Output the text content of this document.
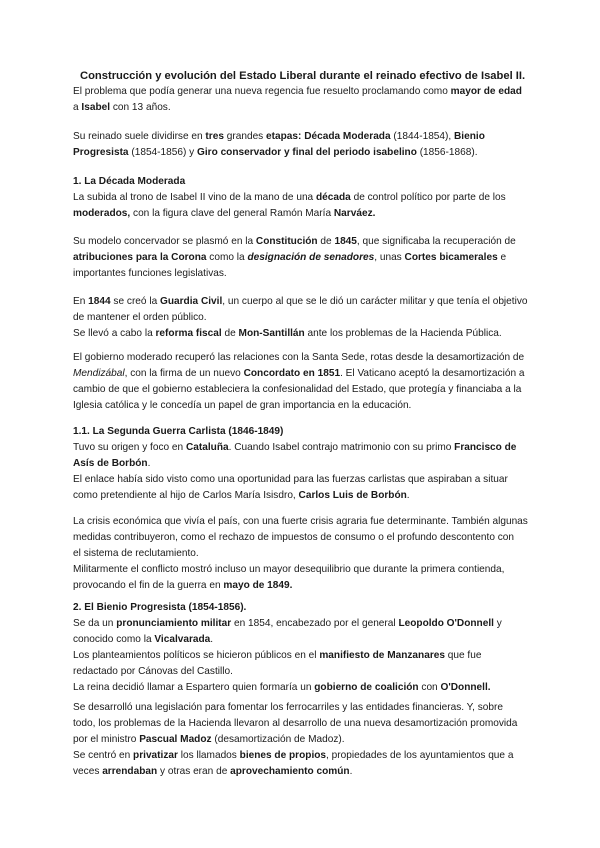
Construcción y evolución del Estado Liberal durante el reinado efectivo de Isabel II.
El problema que podía generar una nueva regencia fue resuelto proclamando como mayor de edad
a Isabel con 13 años.
Su reinado suele dividirse en tres grandes etapas: Década Moderada (1844-1854), Bienio
Progresista (1854-1856) y Giro conservador y final del periodo isabelino (1856-1868).
1. La Década Moderada
La subida al trono de Isabel II vino de la mano de una década de control político por parte de los
moderados, con la figura clave del general Ramón María Narváez.
Su modelo concervador se plasmó en la Constitución de 1845, que significaba la recuperación de
atribuciones para la Corona como la designación de senadores, unas Cortes bicamerales e
importantes funciones legislativas.
En 1844 se creó la Guardia Civil, un cuerpo al que se le dió un carácter militar y que tenía el objetivo
de mantener el orden público.
Se llevó a cabo la reforma fiscal de Mon-Santillán ante los problemas de la Hacienda Pública.
El gobierno moderado recuperó las relaciones con la Santa Sede, rotas desde la desamortización de
Mendizábal, con la firma de un nuevo Concordato en 1851. El Vaticano aceptó la desamortización a
cambio de que el gobierno estableciera la confesionalidad del Estado, que protegía y financiaba a la
Iglesia católica y le concedía un papel de gran importancia en la educación.
1.1. La Segunda Guerra Carlista (1846-1849)
Tuvo su origen y foco en Cataluña. Cuando Isabel contrajo matrimonio con su primo Francisco de
Asís de Borbón.
El enlace había sido visto como una oportunidad para las fuerzas carlistas que aspiraban a situar
como pretendiente al hijo de Carlos María Isisdro, Carlos Luis de Borbón.
La crisis económica que vivía el país, con una fuerte crisis agraria fue determinante. También algunas
medidas contribuyeron, como el rechazo de impuestos de consumo o el profundo descontento con
el sistema de reclutamiento.
Militarmente el conflicto mostró incluso un mayor desequilibrio que durante la primera contienda,
provocando el fin de la guerra en mayo de 1849.
2. El Bienio Progresista (1854-1856).
Se da un pronunciamiento militar en 1854, encabezado por el general Leopoldo O'Donnell y
conocido como la Vicalvarada.
Los planteamientos políticos se hicieron públicos en el manifiesto de Manzanares que fue
redactado por Cánovas del Castillo.
La reina decidió llamar a Espartero quien formaría un gobierno de coalición con O'Donnell.
Se desarrolló una legislación para fomentar los ferrocarriles y las entidades financieras. Y, sobre
todo, los problemas de la Hacienda llevaron al desarrollo de una nueva desamortización promovida
por el ministro Pascual Madoz (desamortización de Madoz).
Se centró en privatizar los llamados bienes de propios, propiedades de los ayuntamientos que a
veces arrendaban y otras eran de aprovechamiento común.
